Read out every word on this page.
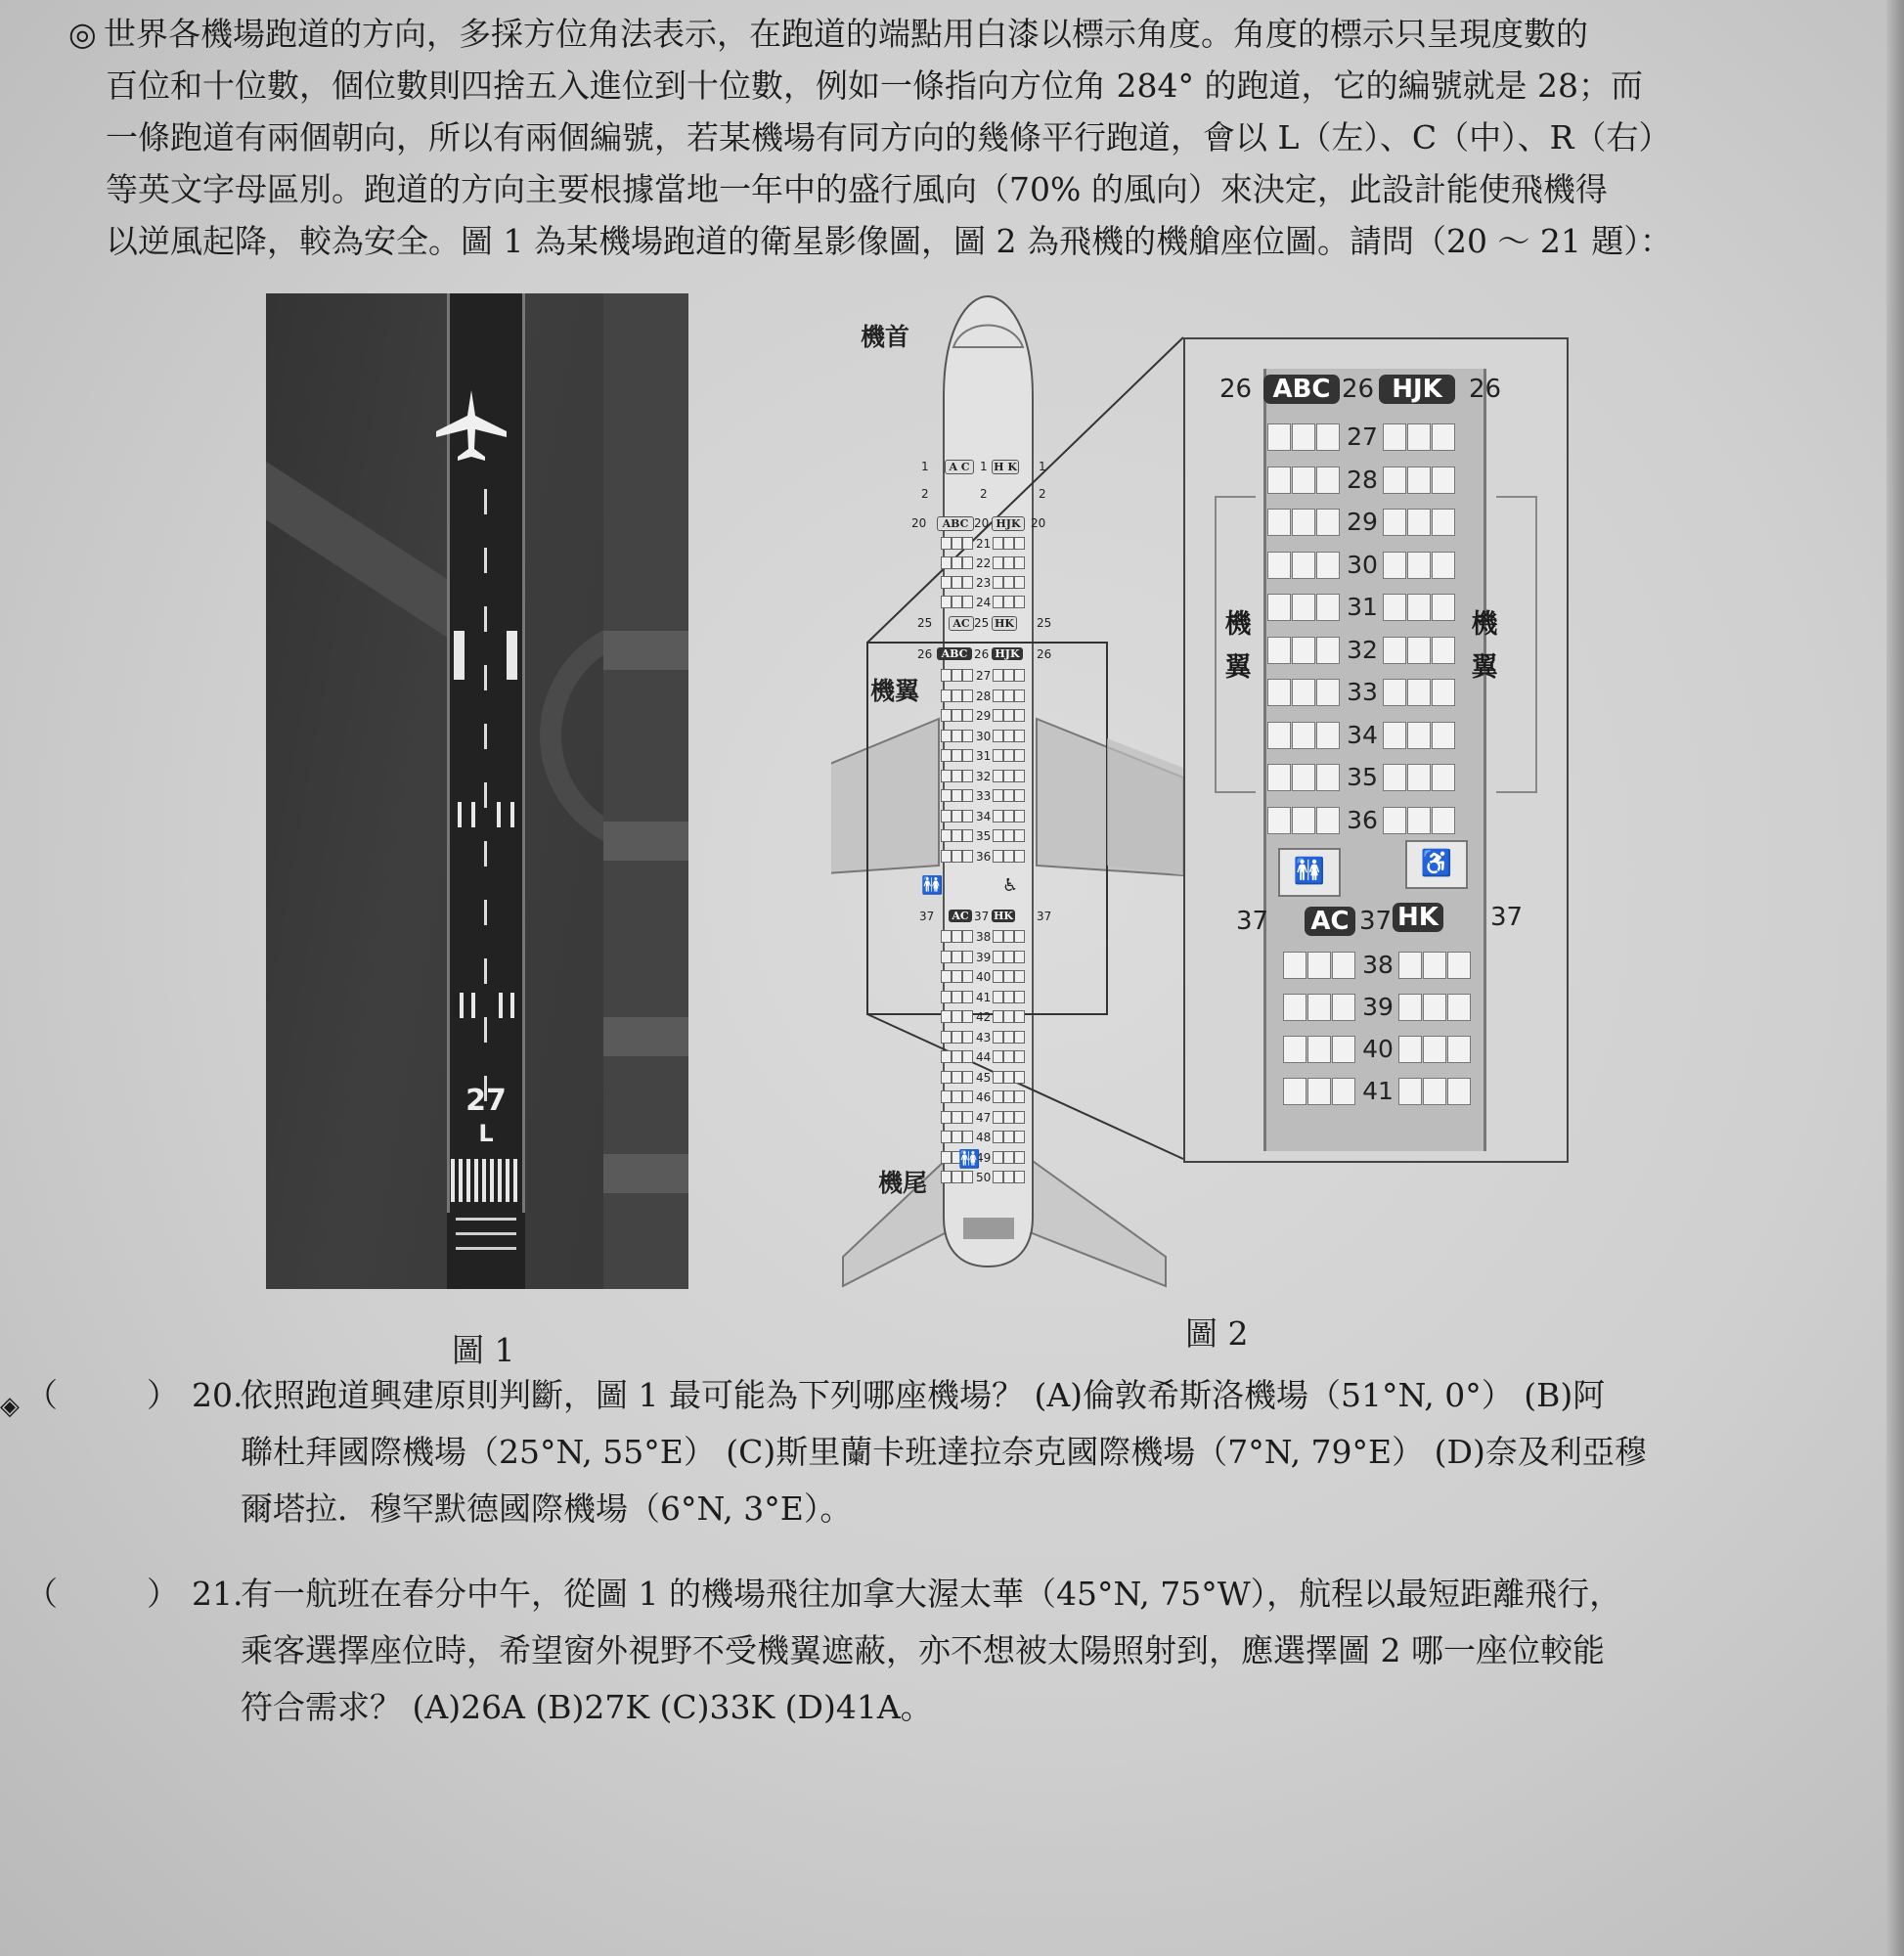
◎ 世界各機場跑道的方向，多採方位角法表示，在跑道的端點用白漆以標示角度。角度的標示只呈現度數的
百位和十位數，個位數則四捨五入進位到十位數，例如一條指向方位角 284° 的跑道，它的編號就是 28；而
一條跑道有兩個朝向，所以有兩個編號，若某機場有同方向的幾條平行跑道，會以 L（左）、C（中）、R（右）
等英文字母區別。跑道的方向主要根據當地一年中的盛行風向（70% 的風向）來決定，此設計能使飛機得
以逆風起降，較為安全。圖 1 為某機場跑道的衛星影像圖，圖 2 為飛機的機艙座位圖。請問（20 ～ 21 題）：
27
L
圖 1
機首
機翼
機尾
1	A C 1 H K 1
2	2	2
20	ABC 20 HJK 20
21
22
23
24
25	AC 25 HK 25
26 ABC 26 HJK 26
27
28
29
30
31
32
33
34
35
36
🚻	♿
37	AC 37 HK 37
38
39
40
41
42
43
44
45
46
47
48
49
50
🚻
26 ABC 26 HJK	26
27
28
29
30
31
32
33
34
35
36
機
翼
機
翼
🚻	♿
37 AC 37 HK 37
38
39
40
41
圖 2
◈ （	） 20.
依照跑道興建原則判斷，圖 1 最可能為下列哪座機場？ (A)倫敦希斯洛機場（51°N, 0°） (B)阿
聯杜拜國際機場（25°N, 55°E） (C)斯里蘭卡班達拉奈克國際機場（7°N, 79°E） (D)奈及利亞穆
爾塔拉．穆罕默德國際機場（6°N, 3°E）。
（	） 21.
有一航班在春分中午，從圖 1 的機場飛往加拿大渥太華（45°N, 75°W），航程以最短距離飛行，
乘客選擇座位時，希望窗外視野不受機翼遮蔽，亦不想被太陽照射到，應選擇圖 2 哪一座位較能
符合需求？ (A)26A (B)27K (C)33K (D)41A。
